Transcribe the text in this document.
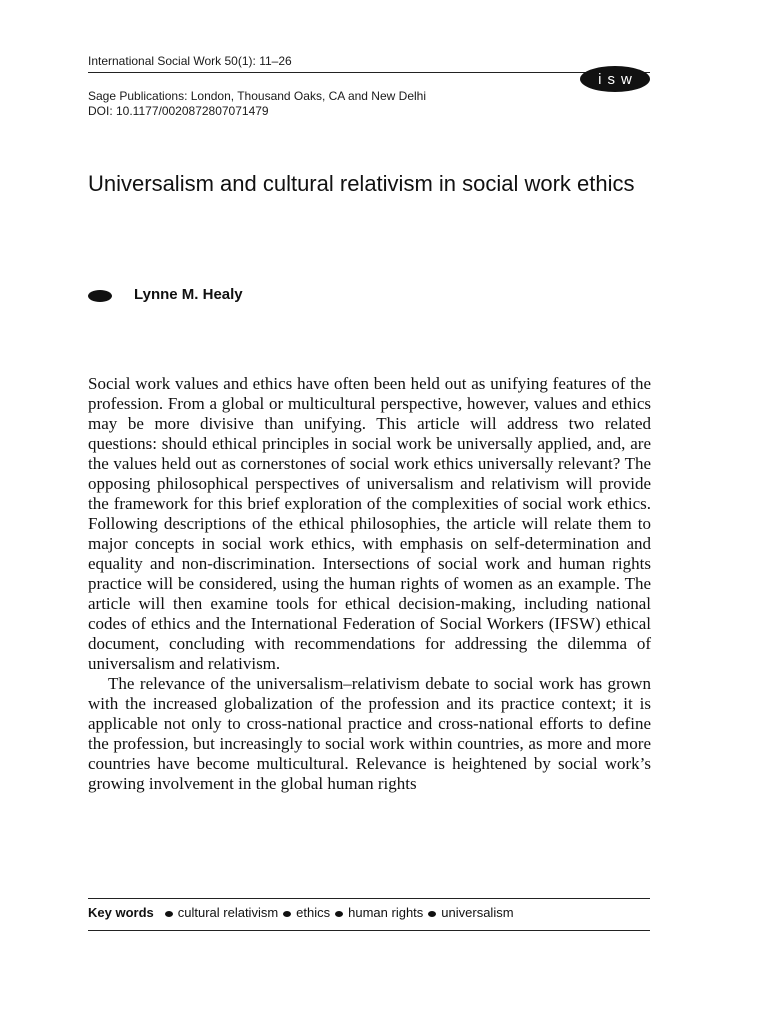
International Social Work 50(1): 11–26
isw
Sage Publications: London, Thousand Oaks, CA and New Delhi
DOI: 10.1177/0020872807071479
Universalism and cultural relativism in social work ethics
Lynne M. Healy

Social work values and ethics have often been held out as unifying features of the profession. From a global or multicultural perspective, however, values and ethics may be more divisive than unifying. This article will address two related questions: should ethical principles in social work be universally applied, and, are the values held out as cornerstones of social work ethics universally relevant? The opposing philosophical perspectives of universalism and relativism will provide the framework for this brief exploration of the complexities of social work ethics. Following descriptions of the ethical philosophies, the article will relate them to major concepts in social work ethics, with emphasis on self-determination and equality and non-discrimination. Intersections of social work and human rights practice will be considered, using the human rights of women as an example. The article will then examine tools for ethical decision-making, including national codes of ethics and the International Federation of Social Workers (IFSW) ethical document, concluding with recommendations for addressing the dilemma of universalism and relativism.

The relevance of the universalism–relativism debate to social work has grown with the increased globalization of the profession and its practice context; it is applicable not only to cross-national practice and cross-national efforts to define the profession, but increasingly to social work within countries, as more and more countries have become multicultural. Relevance is heightened by social work’s growing involvement in the global human rights

Key words cultural relativism ethics human rights universalism
